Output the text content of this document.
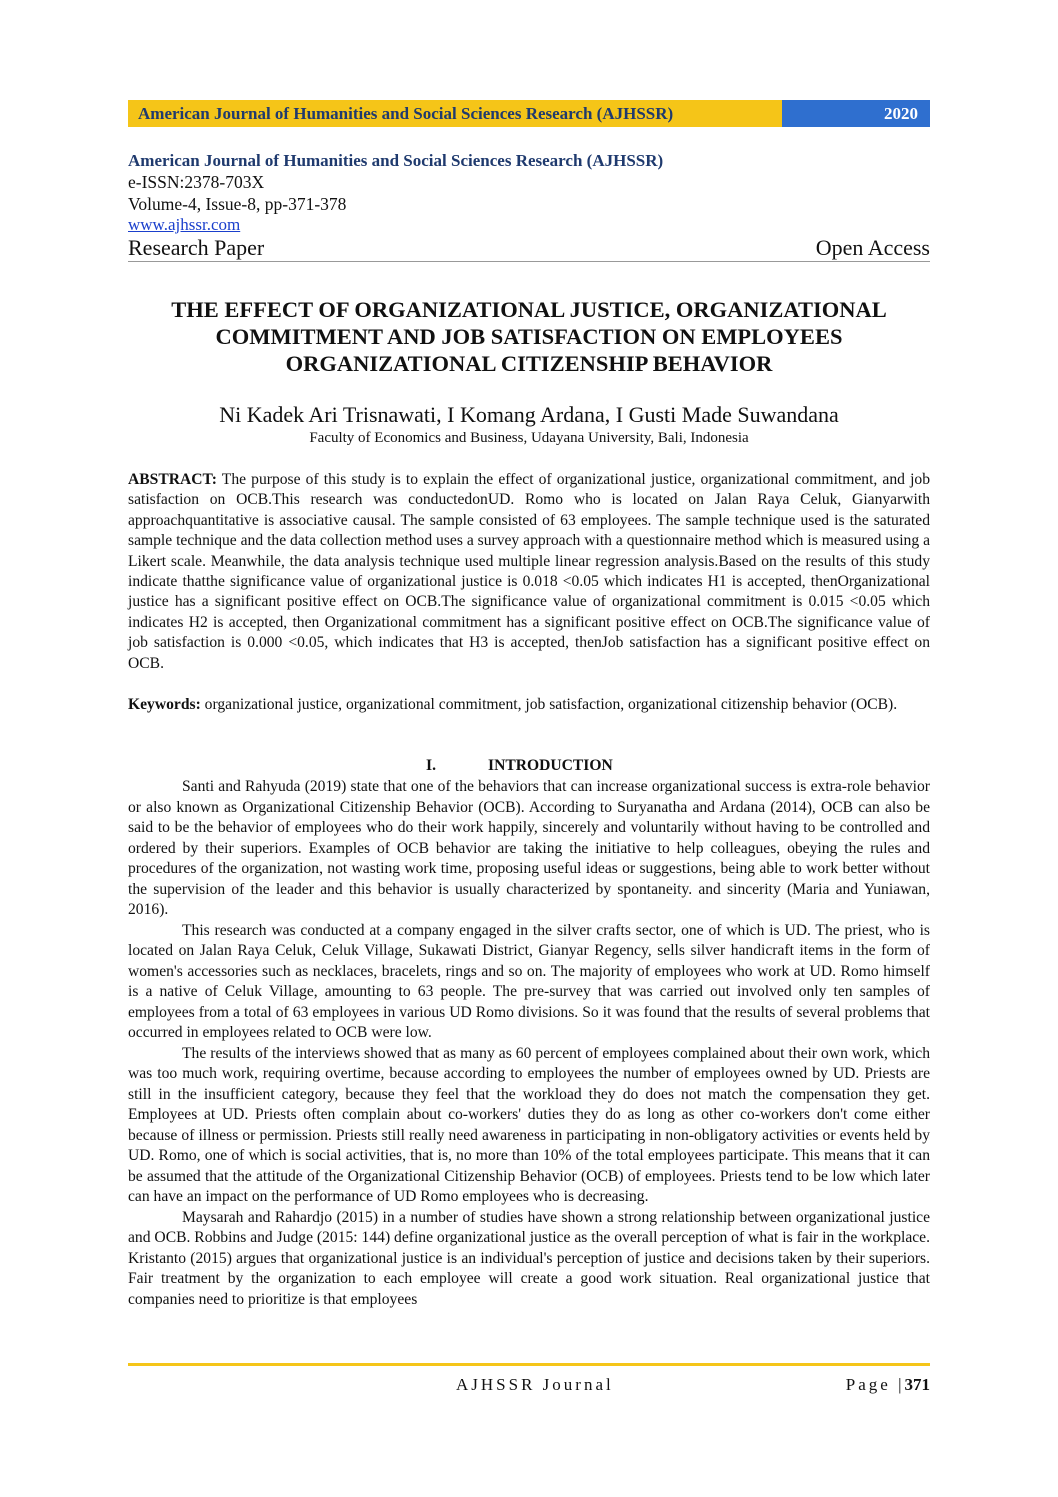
American Journal of Humanities and Social Sciences Research (AJHSSR)	2020
American Journal of Humanities and Social Sciences Research (AJHSSR)
e-ISSN:2378-703X
Volume-4, Issue-8, pp-371-378
www.ajhssr.com
Research Paper	Open Access
THE EFFECT OF ORGANIZATIONAL JUSTICE, ORGANIZATIONAL
COMMITMENT AND JOB SATISFACTION ON EMPLOYEES
ORGANIZATIONAL CITIZENSHIP BEHAVIOR
Ni Kadek Ari Trisnawati, I Komang Ardana, I Gusti Made Suwandana
Faculty of Economics and Business, Udayana University, Bali, Indonesia
ABSTRACT: The purpose of this study is to explain the effect of organizational justice, organizational commitment, and job satisfaction on OCB.This research was conductedonUD. Romo who is located on Jalan Raya Celuk, Gianyarwith approachquantitative is associative causal. The sample consisted of 63 employees. The sample technique used is the saturated sample technique and the data collection method uses a survey approach with a questionnaire method which is measured using a Likert scale. Meanwhile, the data analysis technique used multiple linear regression analysis.Based on the results of this study indicate thatthe significance value of organizational justice is 0.018 <0.05 which indicates H1 is accepted, thenOrganizational justice has a significant positive effect on OCB.The significance value of organizational commitment is 0.015 <0.05 which indicates H2 is accepted, then Organizational commitment has a significant positive effect on OCB.The significance value of job satisfaction is 0.000 <0.05, which indicates that H3 is accepted, thenJob satisfaction has a significant positive effect on OCB.
Keywords: organizational justice, organizational commitment, job satisfaction, organizational citizenship behavior (OCB).
I.	INTRODUCTION

Santi and Rahyuda (2019) state that one of the behaviors that can increase organizational success is extra-role behavior or also known as Organizational Citizenship Behavior (OCB). According to Suryanatha and Ardana (2014), OCB can also be said to be the behavior of employees who do their work happily, sincerely and voluntarily without having to be controlled and ordered by their superiors. Examples of OCB behavior are taking the initiative to help colleagues, obeying the rules and procedures of the organization, not wasting work time, proposing useful ideas or suggestions, being able to work better without the supervision of the leader and this behavior is usually characterized by spontaneity. and sincerity (Maria and Yuniawan, 2016).

This research was conducted at a company engaged in the silver crafts sector, one of which is UD. The priest, who is located on Jalan Raya Celuk, Celuk Village, Sukawati District, Gianyar Regency, sells silver handicraft items in the form of women's accessories such as necklaces, bracelets, rings and so on. The majority of employees who work at UD. Romo himself is a native of Celuk Village, amounting to 63 people. The pre-survey that was carried out involved only ten samples of employees from a total of 63 employees in various UD Romo divisions. So it was found that the results of several problems that occurred in employees related to OCB were low.

The results of the interviews showed that as many as 60 percent of employees complained about their own work, which was too much work, requiring overtime, because according to employees the number of employees owned by UD. Priests are still in the insufficient category, because they feel that the workload they do does not match the compensation they get. Employees at UD. Priests often complain about co-workers' duties they do as long as other co-workers don't come either because of illness or permission. Priests still really need awareness in participating in non-obligatory activities or events held by UD. Romo, one of which is social activities, that is, no more than 10% of the total employees participate. This means that it can be assumed that the attitude of the Organizational Citizenship Behavior (OCB) of employees. Priests tend to be low which later can have an impact on the performance of UD Romo employees who is decreasing.

Maysarah and Rahardjo (2015) in a number of studies have shown a strong relationship between organizational justice and OCB. Robbins and Judge (2015: 144) define organizational justice as the overall perception of what is fair in the workplace. Kristanto (2015) argues that organizational justice is an individual's perception of justice and decisions taken by their superiors. Fair treatment by the organization to each employee will create a good work situation. Real organizational justice that companies need to prioritize is that employees

AJHSSR Journal	Page |371
